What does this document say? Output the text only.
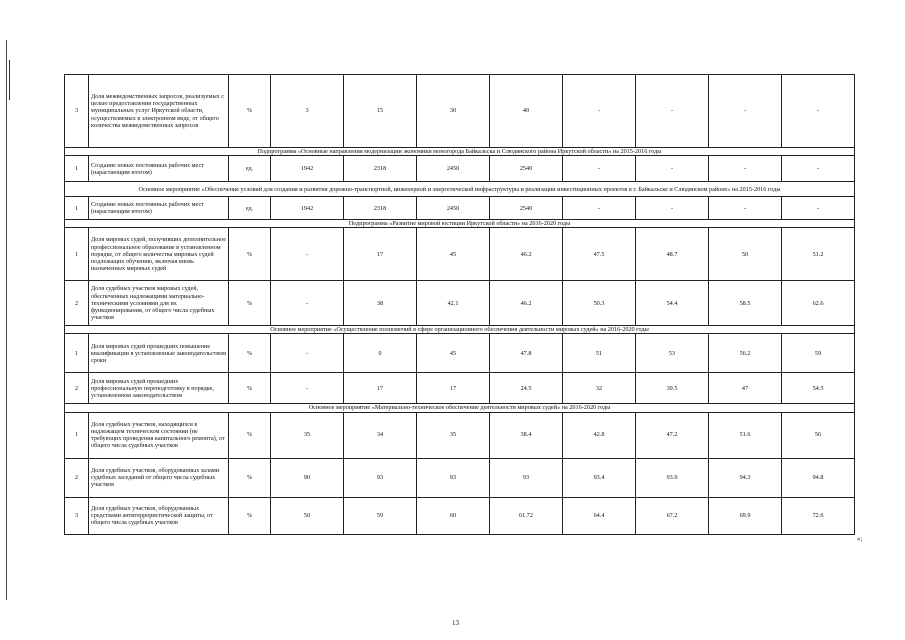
3	Доля межведомственных запросов, реализуемых с целью предоставления государственных муниципальных услуг Иркутской области, осуществляемых в электронном виде, от общего количества межведомственных запросов	%	3	15	30	40	-	-	-	-
Подпрограмма «Основные направления модернизации экономики моногорода Байкальска и Слюдянского района Иркутской области» на 2015-2016 годы										
1	Создание новых постоянных рабочих мест (нарастающим итогом)	ед.	1942	2318	2450	2540	-	-	-	-
Основное мероприятие «Обеспечение условий для создания и развития дорожно-транспортной, инженерной и энергетической инфраструктуры и реализации инвестиционных проектов в г. Байкальске и Слюдянском районе» на 2015-2016 годы										
1	Создание новых постоянных рабочих мест (нарастающим итогом)	ед.	1942	2318	2450	2540	-	-	-	-
Подпрограмма «Развитие мировой юстиции Иркутской области» на 2016-2020 годы										
1	Доля мировых судей, получивших дополнительное профессиональное образование в установленном порядке, от общего количества мировых судей подлежащих обучению, включая вновь назначенных мировых судей	%	-	17	45	46.2	47.5	48.7	50	51.2
2	Доля судебных участков мировых судей, обеспеченных надлежащими материально-техническими условиями для их функционирования, от общего числа судебных участков	%	-	38	42.1	46.2	50.3	54.4	58.5	62.6
Основное мероприятие «Осуществление полномочий в сфере организационного обеспечения деятельности мировых судей» на 2016-2020 годы										
1	Доля мировых судей прошедших повышение квалификации в установленные законодательством сроки	%	-	0	45	47.8	51	53	56.2	59
2	Доля мировых судей прошедших профессиональную переподготовку в порядке, установленном законодательством	%	-	17	17	24.5	32	39.5	47	54.5
Основное мероприятие «Материально-техническое обеспечение деятельности мировых судей» на 2016-2020 годы										
1	Доля судебных участков, находящихся в надлежащем техническом состоянии (не требующих проведения капитального ремонта), от общего числа судебных участков	%	35	34	35	38.4	42.8	47.2	51.6	56
2	Доля судебных участков, оборудованных залами судебных заседаний от общего числа судебных участков	%	90	93	93	93	93.4	93.9	94.3	94.8
3	Доля судебных участков, оборудованных средствами антитеррористической защиты, от общего числа судебных участков	%	50	59	60	61.72	64.4	67.2	69.9	72.6
13
»;
